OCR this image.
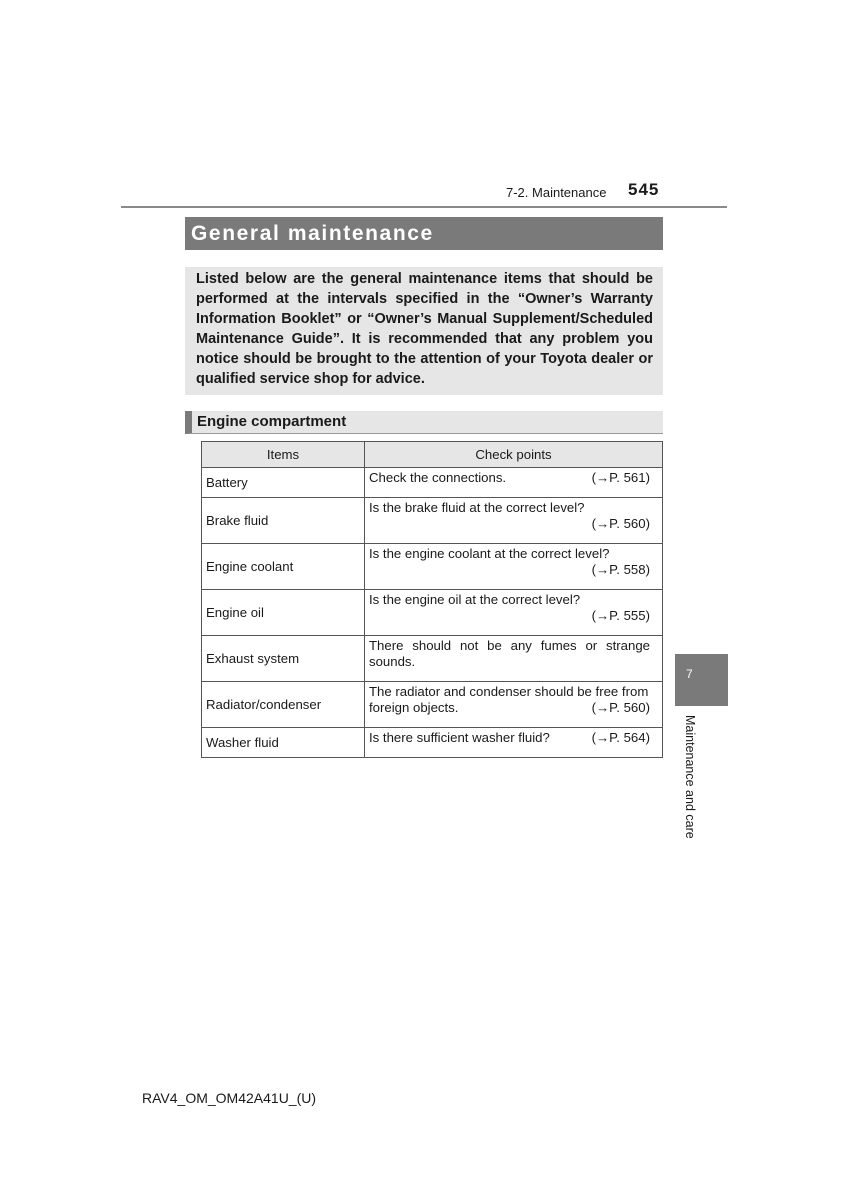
7-2. Maintenance 545
General maintenance
Listed below are the general maintenance items that should be performed at the intervals specified in the “Owner’s Warranty Information Booklet” or “Owner’s Manual Supplement/Scheduled Maintenance Guide”. It is recommended that any problem you notice should be brought to the attention of your Toyota dealer or qualified service shop for advice.
Engine compartment
Items	Check points
Battery	Check the connections. (→P. 561)

Brake fluid	Is the brake fluid at the correct level?
(→P. 560)

Engine coolant	Is the engine coolant at the correct level?
(→P. 558)

Engine oil	Is the engine oil at the correct level?
(→P. 555)

Exhaust system	There should not be any fumes or strange
sounds.

Radiator/condenser	The radiator and condenser should be free from
foreign objects. (→P. 560)

Washer fluid	Is there sufficient washer fluid? (→P. 564)
7
Maintenance and care
RAV4_OM_OM42A41U_(U)
